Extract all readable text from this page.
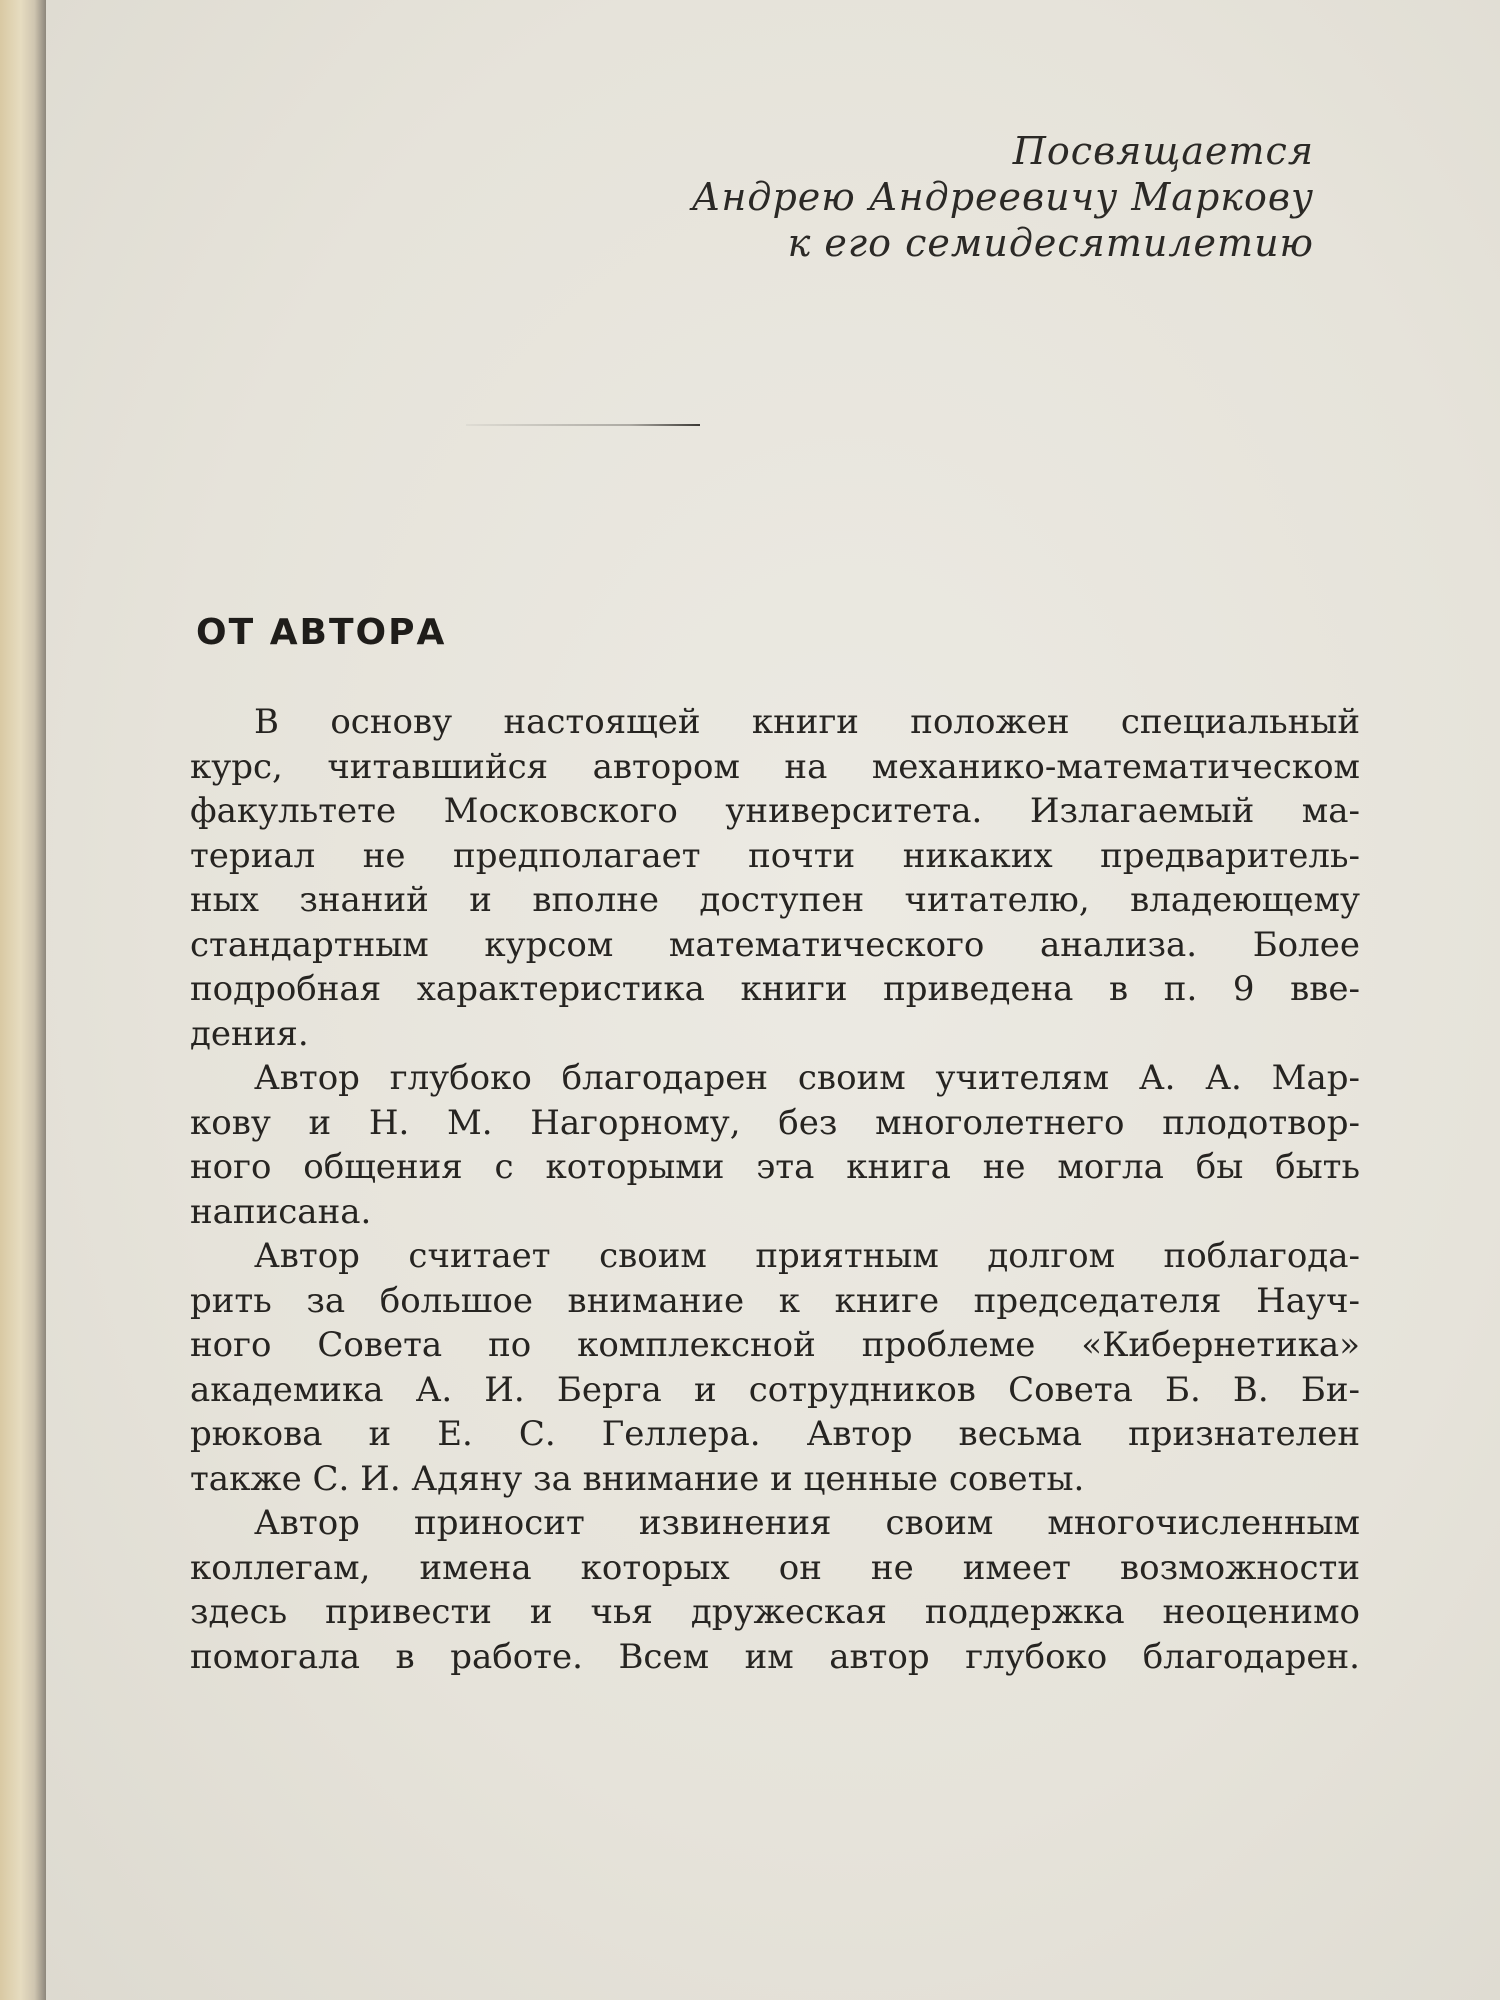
Посвящается
Андрею Андреевичу Маркову
к его семидесятилетию
ОТ АВТОРА
В основу настоящей книги положен специальный
курс, читавшийся автором на механико-математическом
факультете Московского университета. Излагаемый ма-
териал не предполагает почти никаких предваритель-
ных знаний и вполне доступен читателю, владеющему
стандартным курсом математического анализа. Более
подробная характеристика книги приведена в п. 9 вве-
дения.
Автор глубоко благодарен своим учителям А. А. Мар-
кову и Н. М. Нагорному, без многолетнего плодотвор-
ного общения с которыми эта книга не могла бы быть
написана.
Автор считает своим приятным долгом поблагода-
рить за большое внимание к книге председателя Науч-
ного Совета по комплексной проблеме «Кибернетика»
академика А. И. Берга и сотрудников Совета Б. В. Би-
рюкова и Е. С. Геллера. Автор весьма признателен
также С. И. Адяну за внимание и ценные советы.
Автор приносит извинения своим многочисленным
коллегам, имена которых он не имеет возможности
здесь привести и чья дружеская поддержка неоценимо
помогала в работе. Всем им автор глубоко благодарен.
